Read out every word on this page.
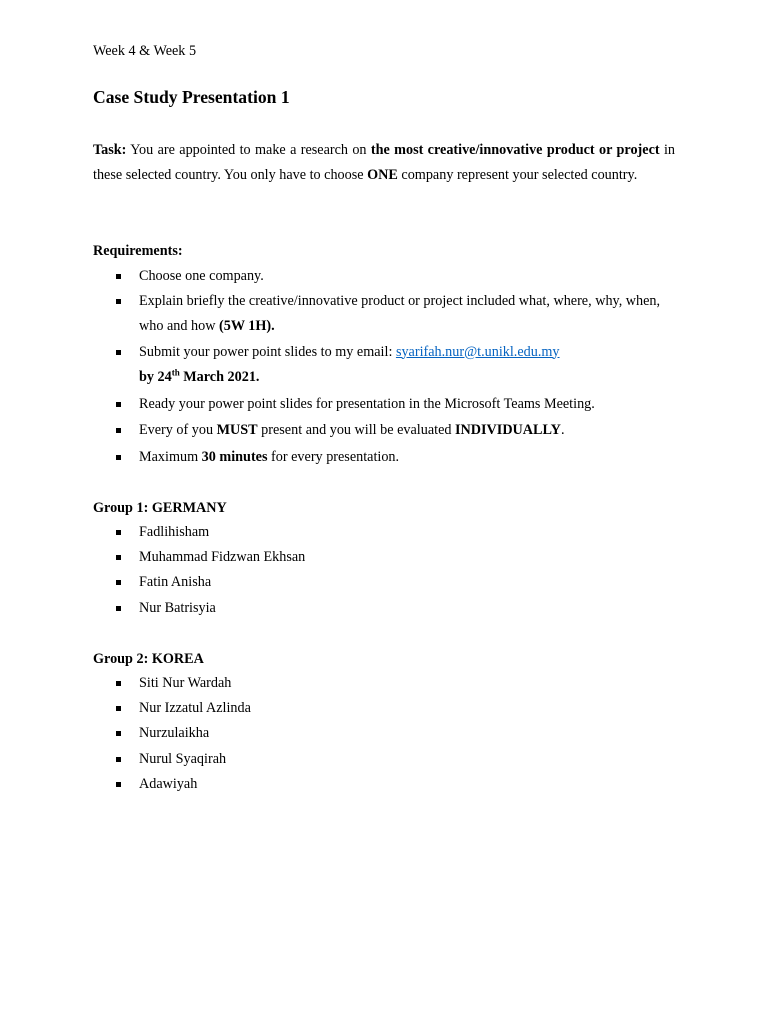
Week 4 & Week 5
Case Study Presentation 1

Task: You are appointed to make a research on the most creative/innovative product or project in these selected country. You only have to choose ONE company represent your selected country.

Requirements:

Choose one company.
Explain briefly the creative/innovative product or project included what, where, why, when, who and how (5W 1H).
Submit your power point slides to my email: syarifah.nur@t.unikl.edu.my
by 24th March 2021.
Ready your power point slides for presentation in the Microsoft Teams Meeting.
Every of you MUST present and you will be evaluated INDIVIDUALLY.
Maximum 30 minutes for every presentation.

Group 1: GERMANY

Fadlihisham
Muhammad Fidzwan Ekhsan
Fatin Anisha
Nur Batrisyia

Group 2: KOREA

Siti Nur Wardah
Nur Izzatul Azlinda
Nurzulaikha
Nurul Syaqirah
Adawiyah
